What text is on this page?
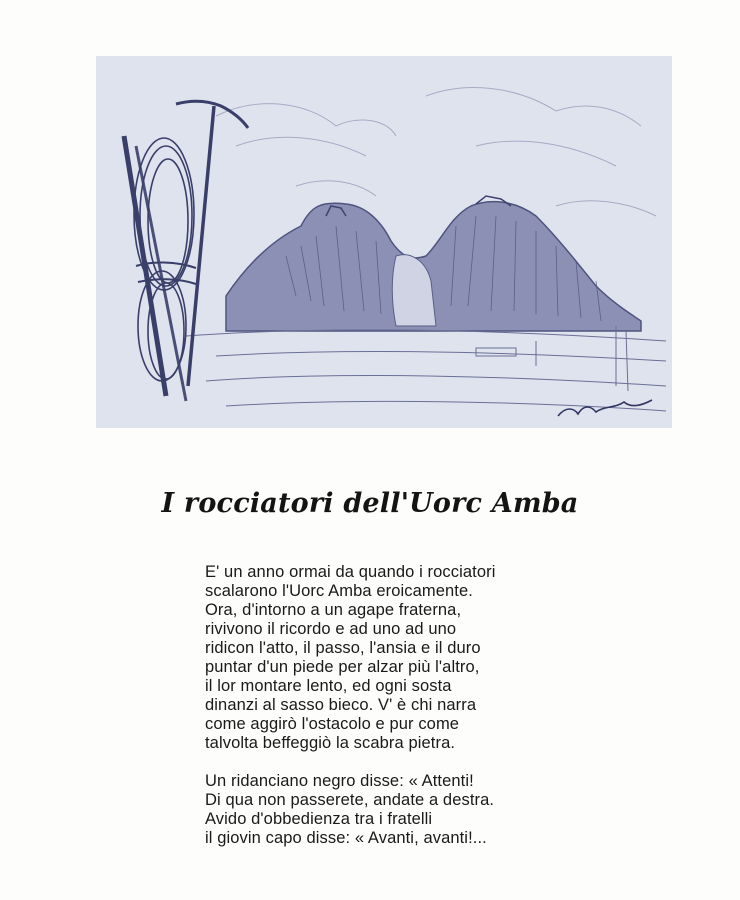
I rocciatori dell'Uorc Amba
E' un anno ormai da quando i rocciatori
scalarono l'Uorc Amba eroicamente.
Ora, d'intorno a un agape fraterna,
rivivono il ricordo e ad uno ad uno
ridicon l'atto, il passo, l'ansia e il duro
puntar d'un piede per alzar più l'altro,
il lor montare lento, ed ogni sosta
dinanzi al sasso bieco. V' è chi narra
come aggirò l'ostacolo e pur come
talvolta beffeggiò la scabra pietra.
Un ridanciano negro disse: « Attenti!
Di qua non passerete, andate a destra.
Avido d'obbedienza tra i fratelli
il giovin capo disse: « Avanti, avanti!...
